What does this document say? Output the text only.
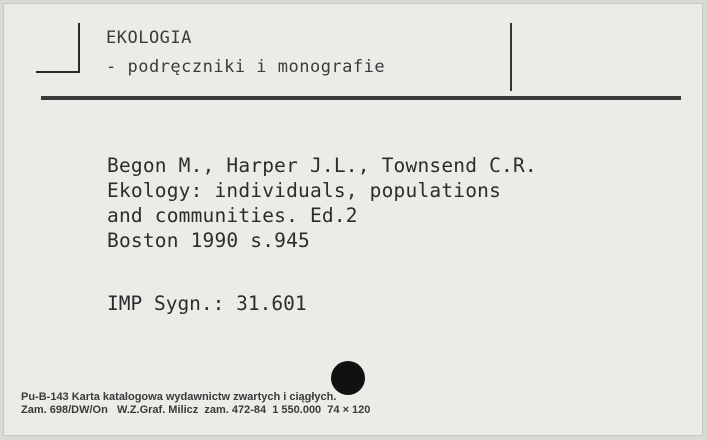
EKOLOGIA
- podręczniki i monografie
Begon M., Harper J.L., Townsend C.R.
Ekology: individuals, populations
and communities. Ed.2
Boston 1990 s.945
IMP Sygn.: 31.601
Pu-B-143 Karta katalogowa wydawnictw zwartych i ciągłych.
Zam. 698/DW/On   W.Z.Graf. Milicz  zam. 472-84  1 550.000  74 × 120
